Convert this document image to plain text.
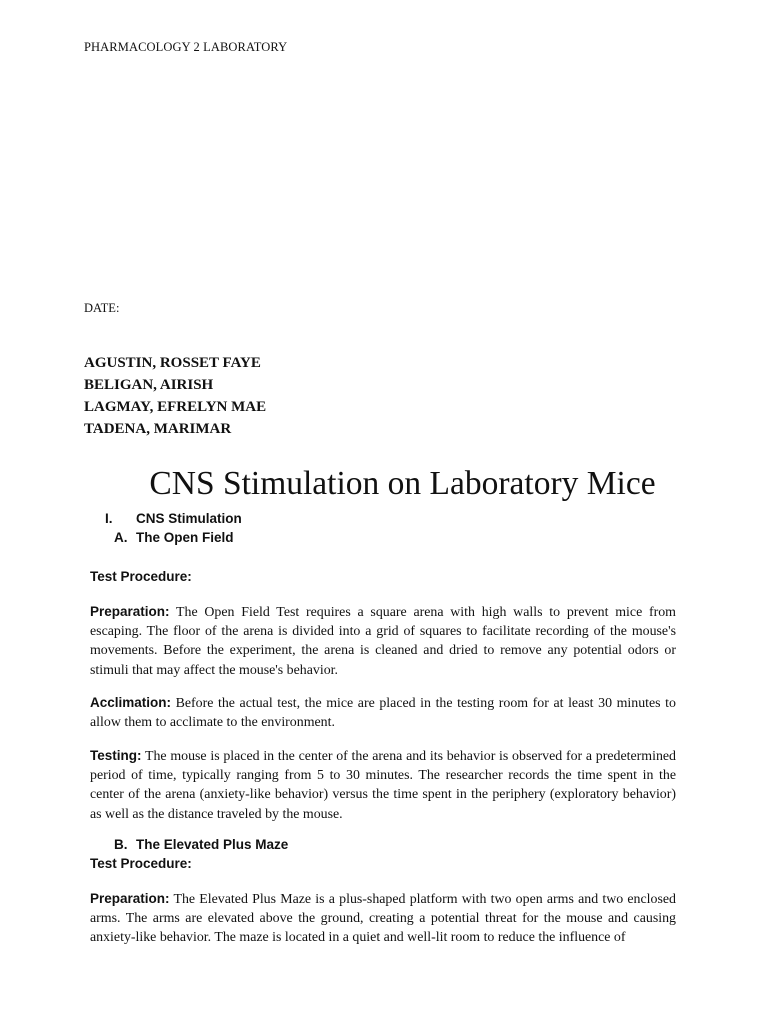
PHARMACOLOGY 2 LABORATORY
DATE:
AGUSTIN, ROSSET FAYE
BELIGAN, AIRISH
LAGMAY, EFRELYN MAE
TADENA, MARIMAR
CNS Stimulation on Laboratory Mice
I. CNS Stimulation
A. The Open Field
Test Procedure:
Preparation: The Open Field Test requires a square arena with high walls to prevent mice from escaping. The floor of the arena is divided into a grid of squares to facilitate recording of the mouse's movements. Before the experiment, the arena is cleaned and dried to remove any potential odors or stimuli that may affect the mouse's behavior.
Acclimation: Before the actual test, the mice are placed in the testing room for at least 30 minutes to allow them to acclimate to the environment.
Testing: The mouse is placed in the center of the arena and its behavior is observed for a predetermined period of time, typically ranging from 5 to 30 minutes. The researcher records the time spent in the center of the arena (anxiety-like behavior) versus the time spent in the periphery (exploratory behavior) as well as the distance traveled by the mouse.
B. The Elevated Plus Maze
Test Procedure:
Preparation: The Elevated Plus Maze is a plus-shaped platform with two open arms and two enclosed arms. The arms are elevated above the ground, creating a potential threat for the mouse and causing anxiety-like behavior. The maze is located in a quiet and well-lit room to reduce the influence of
